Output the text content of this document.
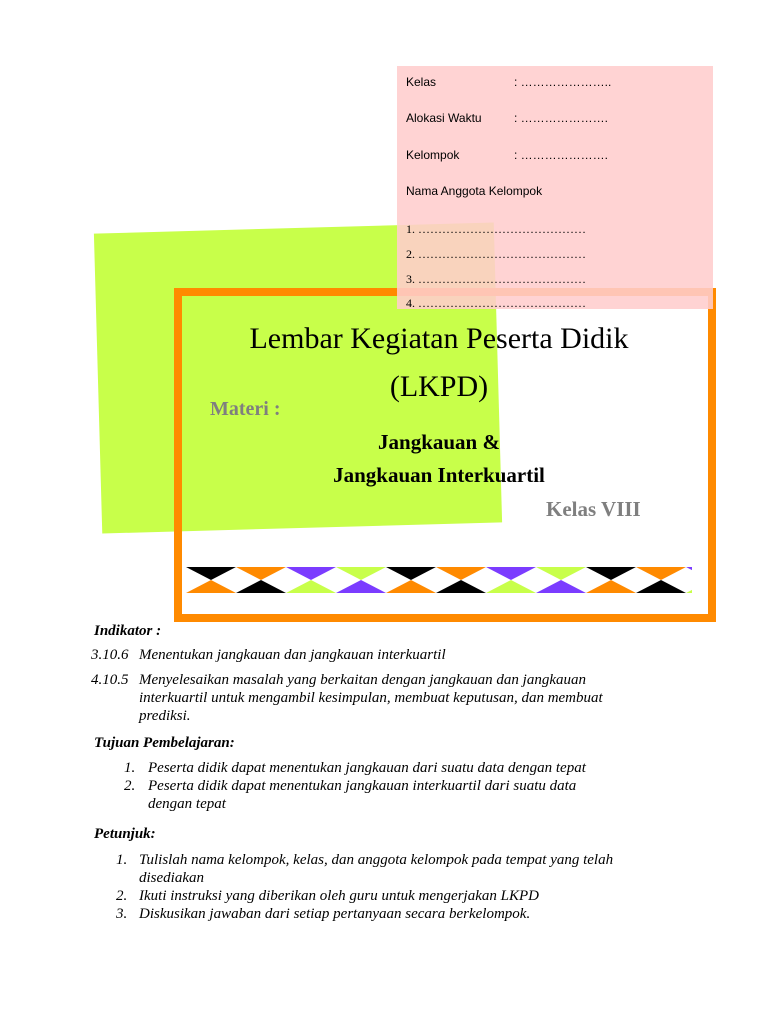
Lembar Kegiatan Peserta Didik
(LKPD)
Materi :
Jangkauan &
Jangkauan Interkuartil
Kelas VIII
Kelas	: …………………..
Alokasi Waktu	: ………………….
Kelompok	: ………………….
Nama Anggota Kelompok
1. ……………………………………
2. ……………………………………
3. ……………………………………
4. ……………………………………
Indikator :
3.10.6 Menentukan jangkauan dan jangkauan interkuartil
4.10.5 Menyelesaikan masalah yang berkaitan dengan jangkauan dan jangkauan
interkuartil untuk mengambil kesimpulan, membuat keputusan, dan membuat
prediksi.
Tujuan Pembelajaran:
1. Peserta didik dapat menentukan jangkauan dari suatu data dengan tepat
2. Peserta didik dapat menentukan jangkauan interkuartil dari suatu data
dengan tepat
Petunjuk:
1. Tulislah nama kelompok, kelas, dan anggota kelompok pada tempat yang telah
disediakan
2. Ikuti instruksi yang diberikan oleh guru untuk mengerjakan LKPD
3. Diskusikan jawaban dari setiap pertanyaan secara berkelompok.
